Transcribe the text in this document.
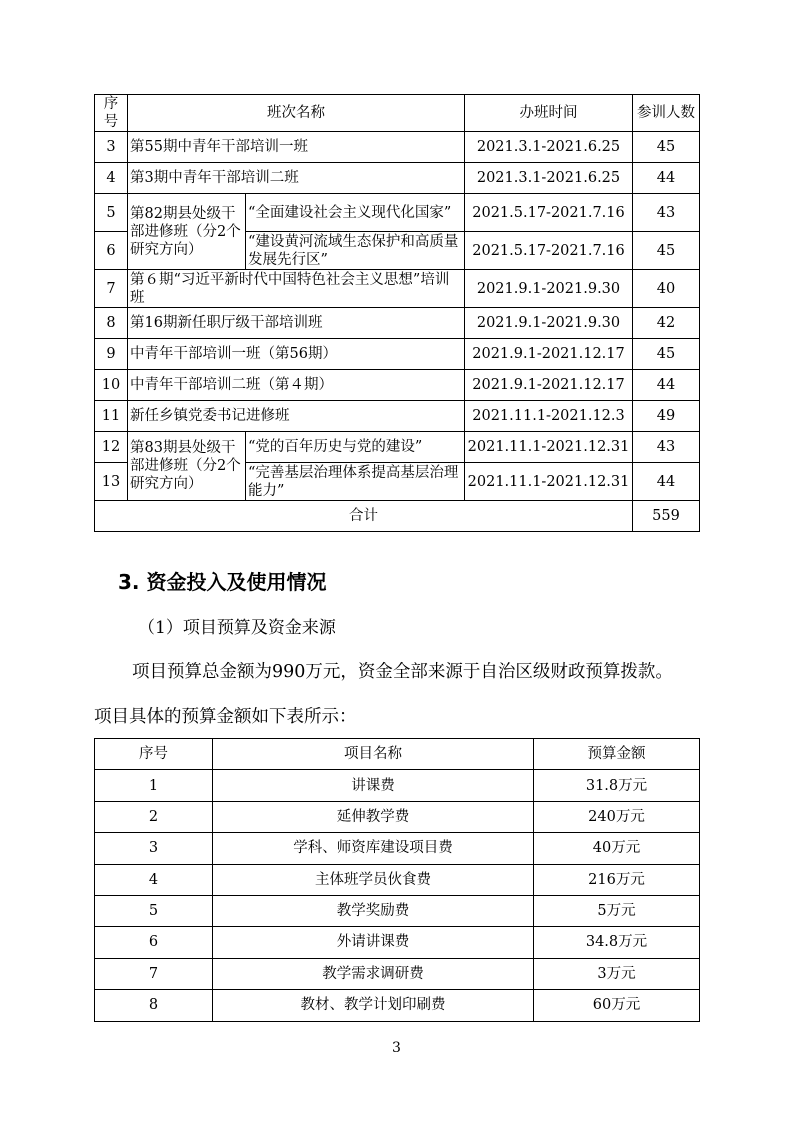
序号	班次名称		办班时间	参训人数
3	第55期中青年干部培训一班		2021.3.1-2021.6.25	45
4	第3期中青年干部培训二班		2021.3.1-2021.6.25	44
5	第82期县处级干部进修班（分2个研究方向）	“全面建设社会主义现代化国家”	2021.5.17-2021.7.16	43
6		“建设黄河流域生态保护和高质量发展先行区”	2021.5.17-2021.7.16	45
7	第６期“习近平新时代中国特色社会主义思想”培训班		2021.9.1-2021.9.30	40
8	第16期新任职厅级干部培训班		2021.9.1-2021.9.30	42
9	中青年干部培训一班（第56期）		2021.9.1-2021.12.17	45
10	中青年干部培训二班（第４期）		2021.9.1-2021.12.17	44
11	新任乡镇党委书记进修班		2021.11.1-2021.12.3	49
12	第83期县处级干部进修班（分2个研究方向）	“党的百年历史与党的建设”	2021.11.1-2021.12.31	43
13		“完善基层治理体系提高基层治理能力”	2021.11.1-2021.12.31	44
合计				559
3. 资金投入及使用情况
（1）项目预算及资金来源
项目预算总金额为990万元，资金全部来源于自治区级财政预算拨款。
项目具体的预算金额如下表所示：
序号	项目名称	预算金额
1	讲课费	31.8万元
2	延伸教学费	240万元
3	学科、师资库建设项目费	40万元
4	主体班学员伙食费	216万元
5	教学奖励费	5万元
6	外请讲课费	34.8万元
7	教学需求调研费	3万元
8	教材、教学计划印刷费	60万元
3
